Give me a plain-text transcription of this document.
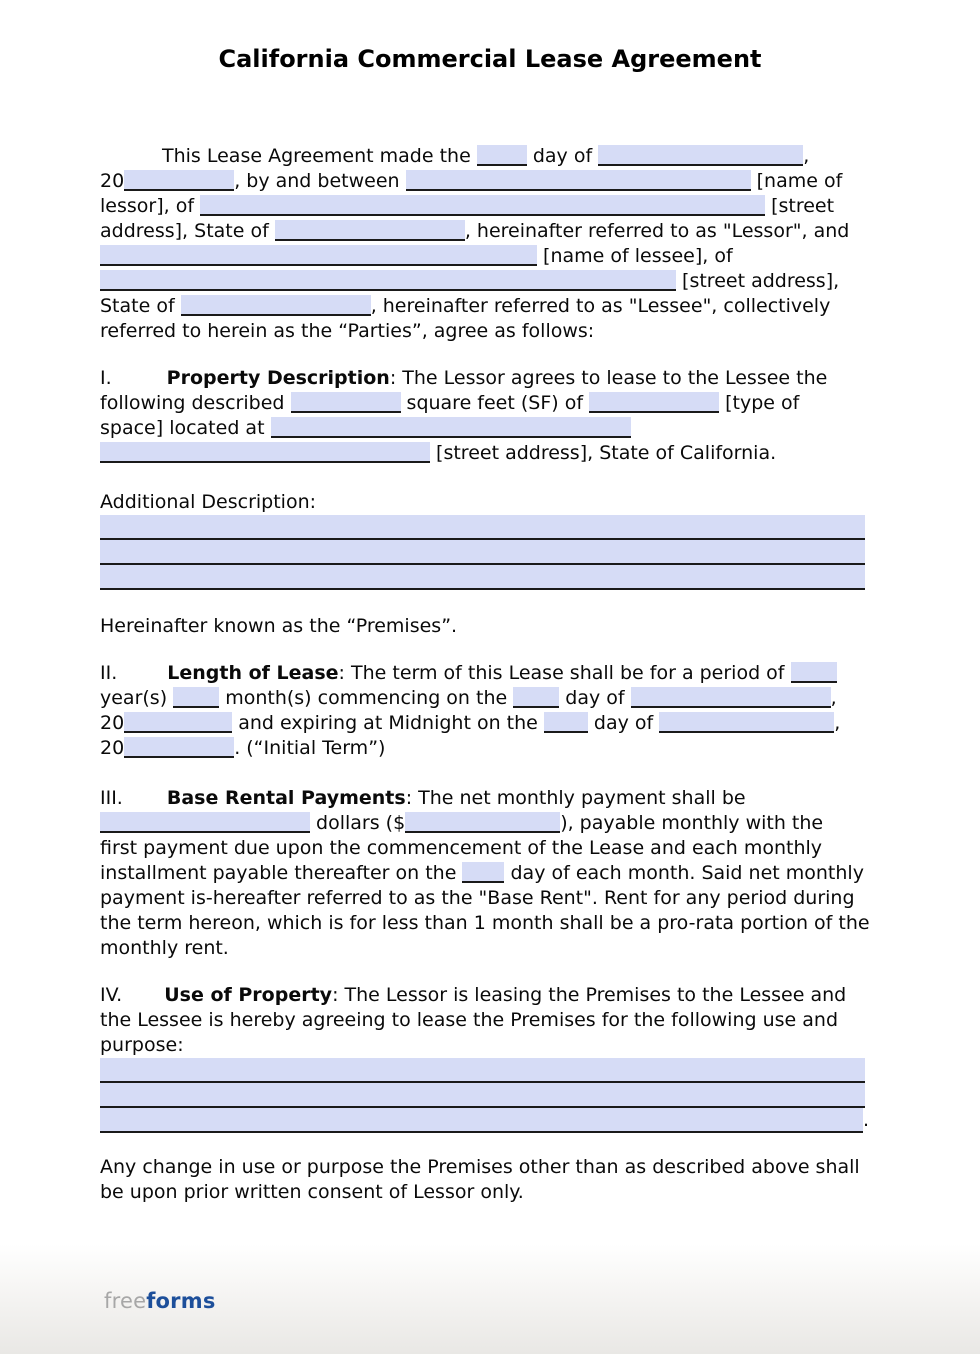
California Commercial Lease Agreement
This Lease Agreement made the	day of	,
20	, by and between	[name of
lessor], of	[street
address], State of	, hereinafter referred to as "Lessor", and
[name of lessee], of
[street address],
State of	, hereinafter referred to as "Lessee", collectively
referred to herein as the “Parties”, agree as follows:
I.	Property Description: The Lessor agrees to lease to the Lessee the
following described	square feet (SF) of	[type of
space] located at
[street address], State of California.
Additional Description:
Hereinafter known as the “Premises”.
II.	Length of Lease: The term of this Lease shall be for a period of
year(s)  month(s) commencing on the  day of	,
20	and expiring at Midnight on the  day of	,
20	. (“Initial Term”)
III. Base Rental Payments: The net monthly payment shall be
dollars ($	), payable monthly with the
first payment due upon the commencement of the Lease and each monthly
installment payable thereafter on the  day of each month. Said net monthly
payment is-hereafter referred to as the "Base Rent". Rent for any period during
the term hereon, which is for less than 1 month shall be a pro-rata portion of the
monthly rent.
IV. Use of Property: The Lessor is leasing the Premises to the Lessee and
the Lessee is hereby agreeing to lease the Premises for the following use and
purpose:
.
Any change in use or purpose the Premises other than as described above shall
be upon prior written consent of Lessor only.
freeforms
